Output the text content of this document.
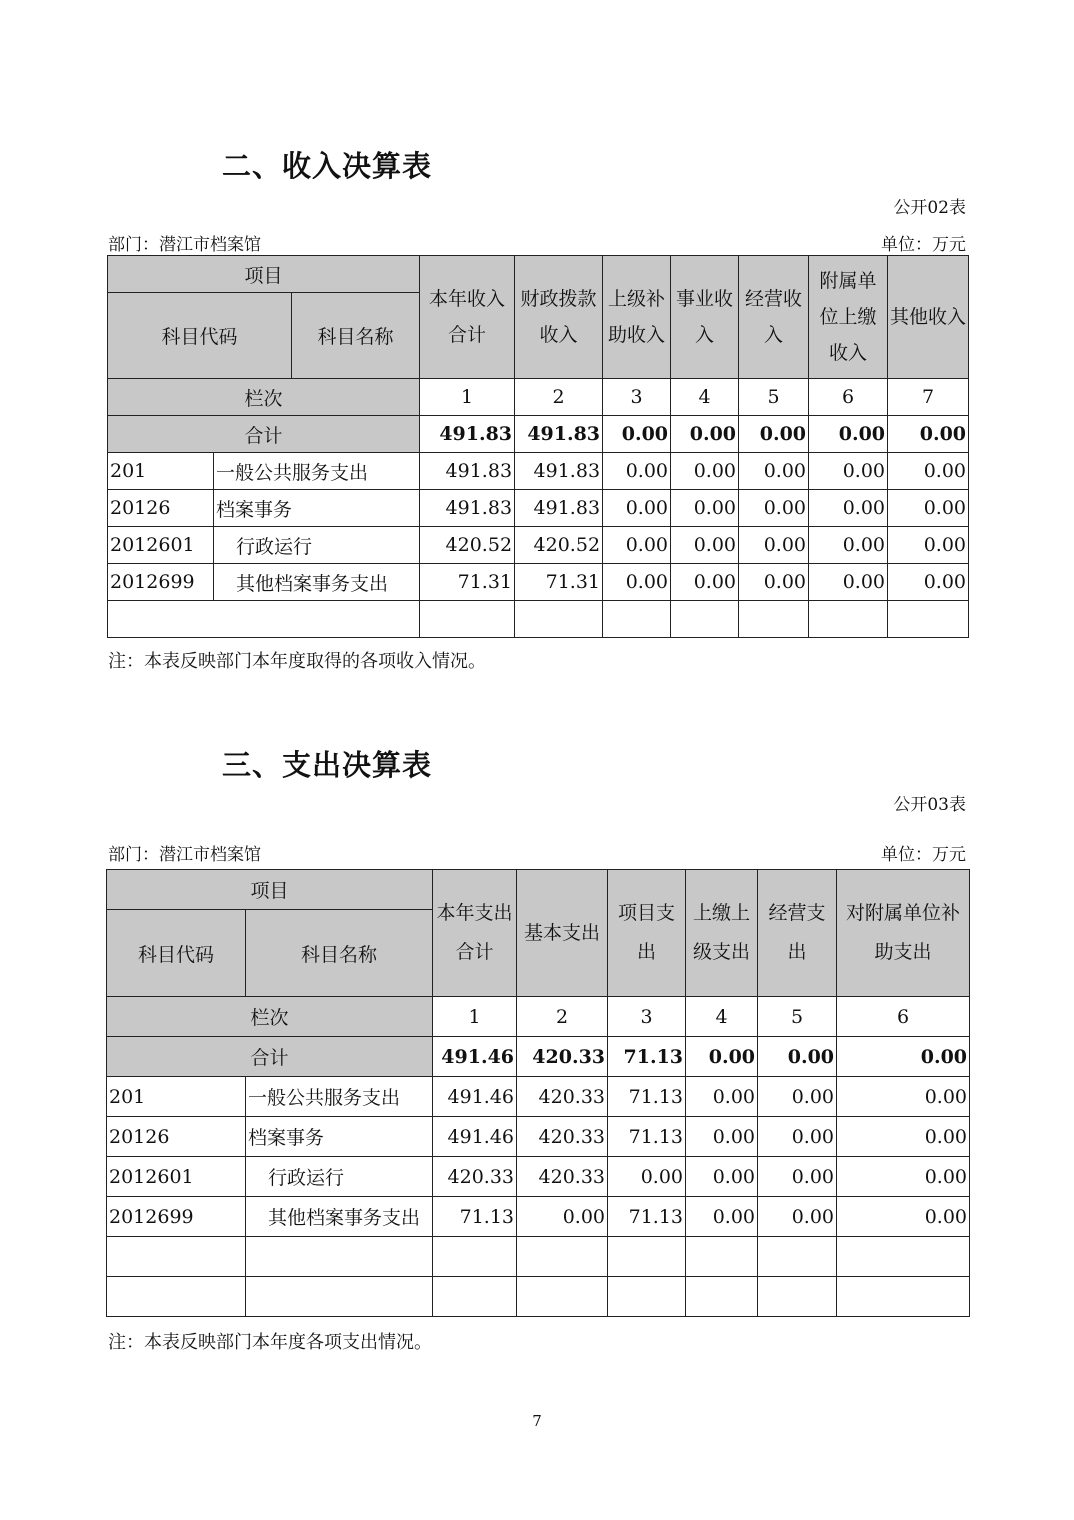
二、收入决算表
公开02表
部门：潜江市档案馆	单位：万元
项目			本年收入合计	财政拨款收入	上级补助收入	事业收入	经营收入	附属单位上缴收入	其他收入
科目代码		科目名称							
栏次			1	2	3	4	5	6	7
合计			491.83	491.83	0.00	0.00	0.00	0.00	0.00
201	一般公共服务支出		491.83	491.83	0.00	0.00	0.00	0.00	0.00
20126	档案事务		491.83	491.83	0.00	0.00	0.00	0.00	0.00
2012601	行政运行		420.52	420.52	0.00	0.00	0.00	0.00	0.00
2012699	其他档案事务支出		71.31	71.31	0.00	0.00	0.00	0.00	0.00

注：本表反映部门本年度取得的各项收入情况。
三、支出决算表
公开03表
部门：潜江市档案馆	单位：万元
项目		本年支出合计	基本支出	项目支出	上缴上级支出	经营支出	对附属单位补助支出
科目代码	科目名称						
栏次		1	2	3	4	5	6
合计		491.46	420.33	71.13	0.00	0.00	0.00
201	一般公共服务支出	491.46	420.33	71.13	0.00	0.00	0.00
20126	档案事务	491.46	420.33	71.13	0.00	0.00	0.00
2012601	行政运行	420.33	420.33	0.00	0.00	0.00	0.00
2012699	其他档案事务支出	71.13	0.00	71.13	0.00	0.00	0.00

注：本表反映部门本年度各项支出情况。
7
